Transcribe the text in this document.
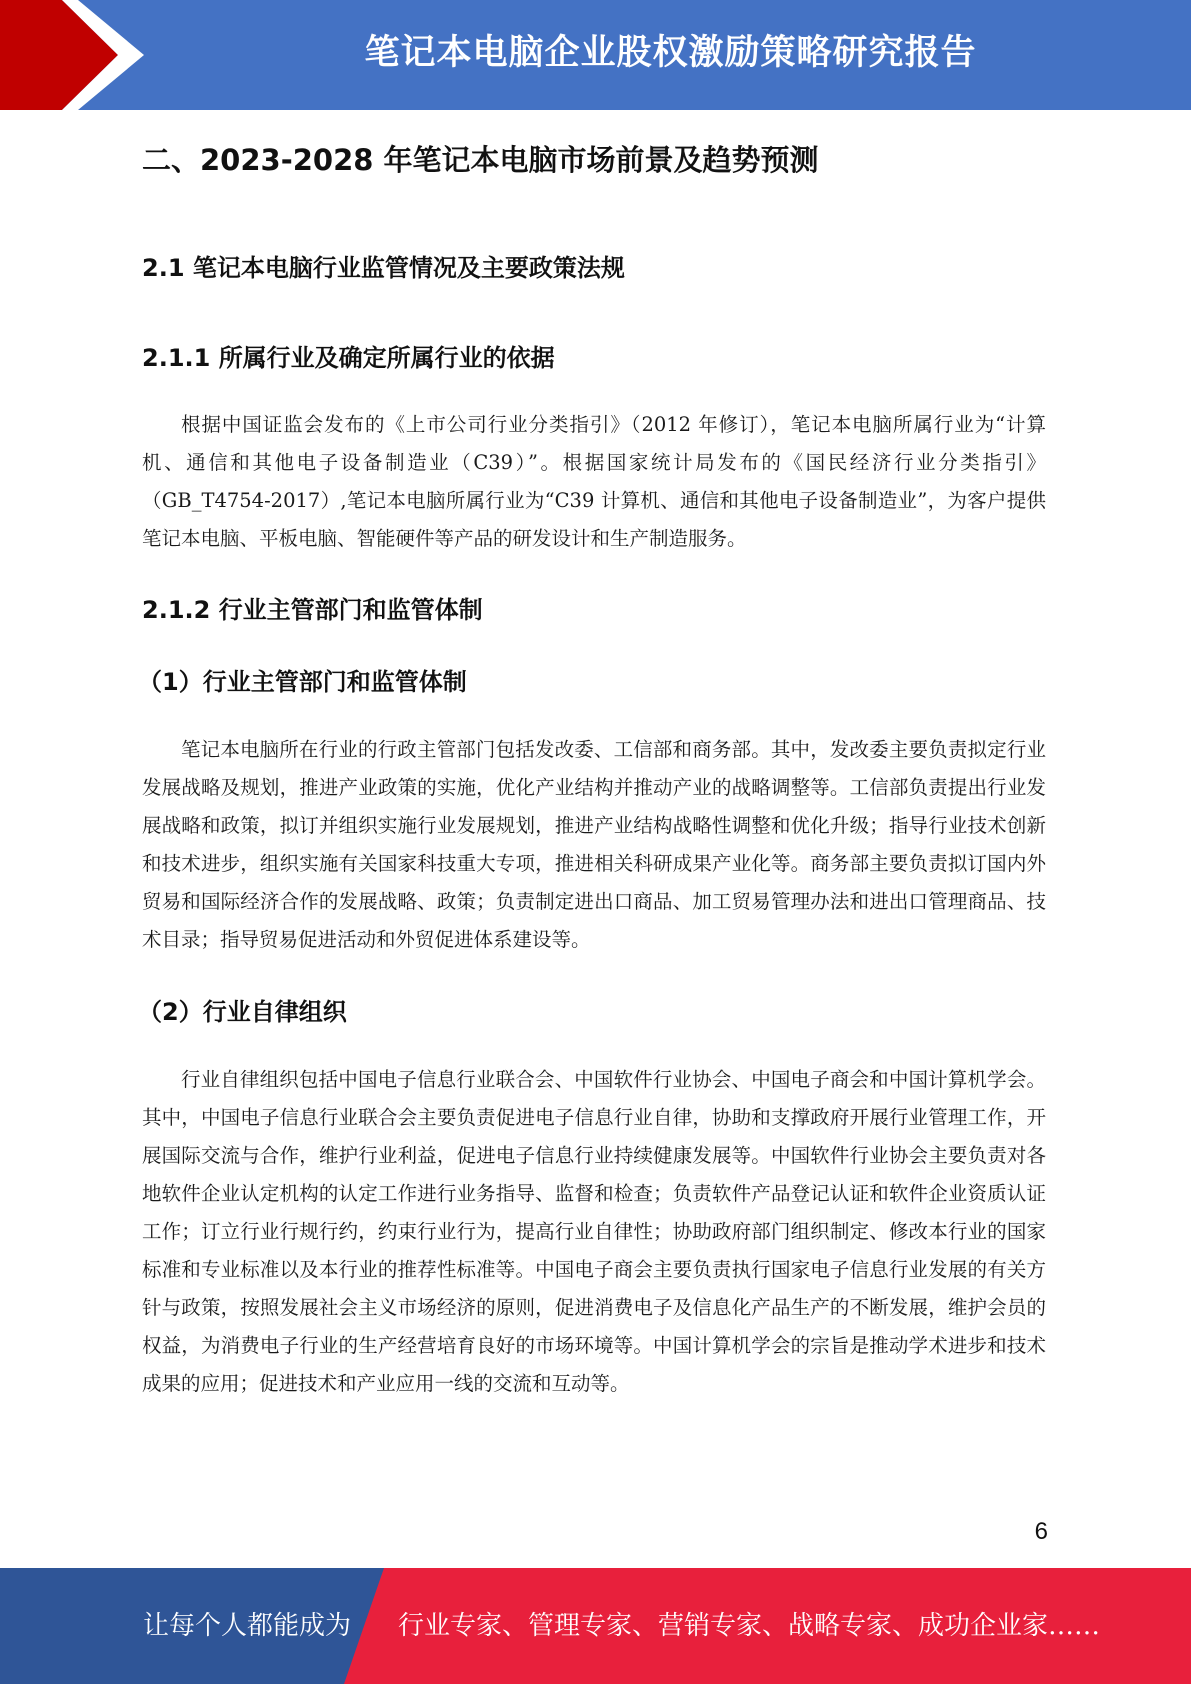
笔记本电脑企业股权激励策略研究报告
二、2023-2028 年笔记本电脑市场前景及趋势预测
2.1 笔记本电脑行业监管情况及主要政策法规
2.1.1 所属行业及确定所属行业的依据

根据中国证监会发布的《上市公司行业分类指引》（2012 年修订），笔记本电脑所属行业为“计算机、通信和其他电子设备制造业（C39）”。根据国家统计局发布的《国民经济行业分类指引》（GB_T4754-2017）,笔记本电脑所属行业为“C39 计算机、通信和其他电子设备制造业”，为客户提供笔记本电脑、平板电脑、智能硬件等产品的研发设计和生产制造服务。

2.1.2 行业主管部门和监管体制
（1）行业主管部门和监管体制

笔记本电脑所在行业的行政主管部门包括发改委、工信部和商务部。其中，发改委主要负责拟定行业发展战略及规划，推进产业政策的实施，优化产业结构并推动产业的战略调整等。工信部负责提出行业发展战略和政策，拟订并组织实施行业发展规划，推进产业结构战略性调整和优化升级；指导行业技术创新和技术进步，组织实施有关国家科技重大专项，推进相关科研成果产业化等。商务部主要负责拟订国内外贸易和国际经济合作的发展战略、政策；负责制定进出口商品、加工贸易管理办法和进出口管理商品、技术目录；指导贸易促进活动和外贸促进体系建设等。

（2）行业自律组织

行业自律组织包括中国电子信息行业联合会、中国软件行业协会、中国电子商会和中国计算机学会。其中，中国电子信息行业联合会主要负责促进电子信息行业自律，协助和支撑政府开展行业管理工作，开展国际交流与合作，维护行业利益，促进电子信息行业持续健康发展等。中国软件行业协会主要负责对各地软件企业认定机构的认定工作进行业务指导、监督和检查；负责软件产品登记认证和软件企业资质认证工作；订立行业行规行约，约束行业行为，提高行业自律性；协助政府部门组织制定、修改本行业的国家标准和专业标准以及本行业的推荐性标准等。中国电子商会主要负责执行国家电子信息行业发展的有关方针与政策，按照发展社会主义市场经济的原则，促进消费电子及信息化产品生产的不断发展，维护会员的权益，为消费电子行业的生产经营培育良好的市场环境等。中国计算机学会的宗旨是推动学术进步和技术成果的应用；促进技术和产业应用一线的交流和互动等。

6
让每个人都能成为 行业专家、管理专家、营销专家、战略专家、成功企业家……
